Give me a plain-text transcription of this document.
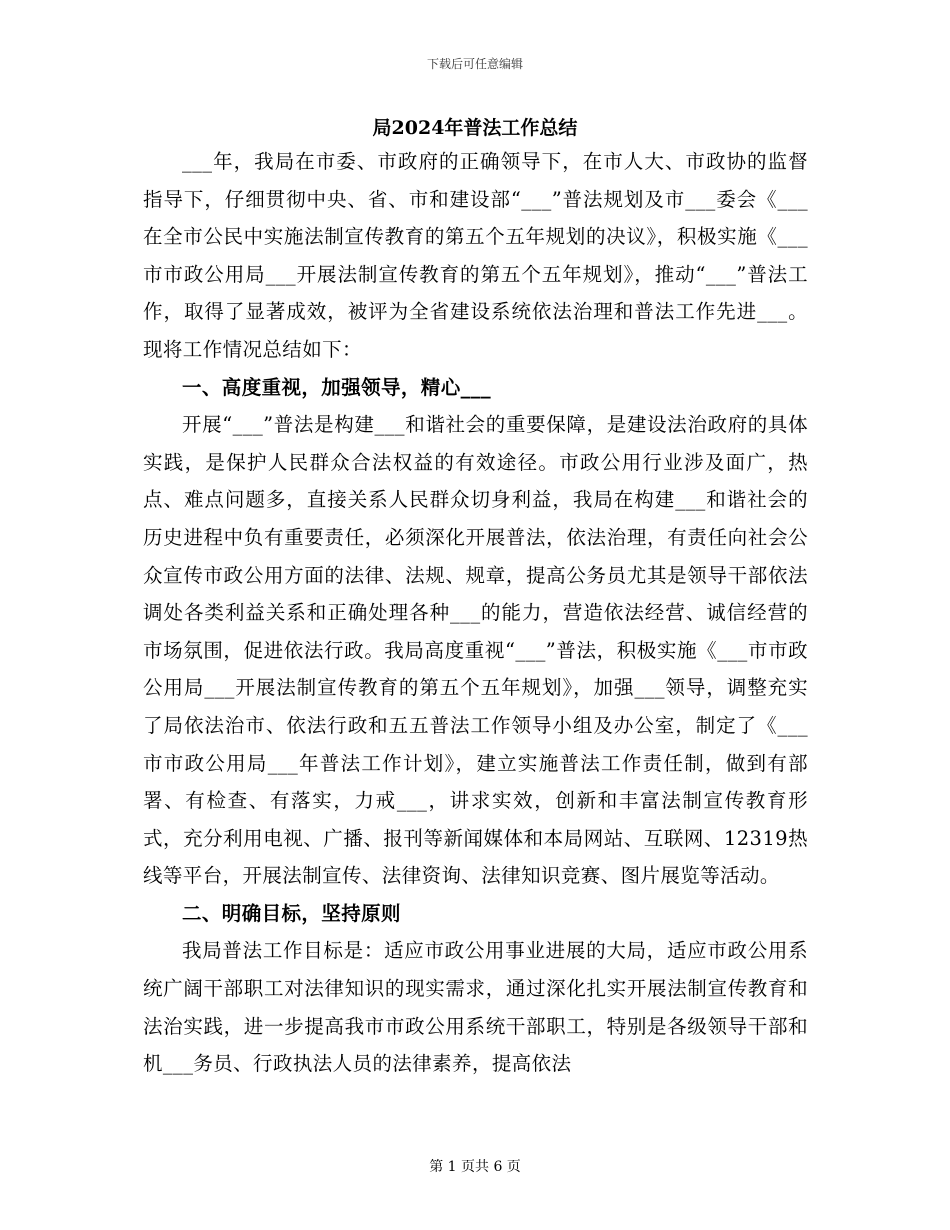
下载后可任意编辑
局2024年普法工作总结

___年，我局在市委、市政府的正确领导下，在市人大、市政协的监督指导下，仔细贯彻中央、省、市和建设部“___”普法规划及市___委会《___在全市公民中实施法制宣传教育的第五个五年规划的决议》，积极实施《___市市政公用局___开展法制宣传教育的第五个五年规划》，推动“___”普法工作，取得了显著成效，被评为全省建设系统依法治理和普法工作先进___。现将工作情况总结如下：

一、高度重视，加强领导，精心___

开展“___”普法是构建___和谐社会的重要保障，是建设法治政府的具体实践，是保护人民群众合法权益的有效途径。市政公用行业涉及面广，热点、难点问题多，直接关系人民群众切身利益，我局在构建___和谐社会的历史进程中负有重要责任，必须深化开展普法，依法治理，有责任向社会公众宣传市政公用方面的法律、法规、规章，提高公务员尤其是领导干部依法调处各类利益关系和正确处理各种___的能力，营造依法经营、诚信经营的市场氛围，促进依法行政。我局高度重视“___”普法，积极实施《___市市政公用局___开展法制宣传教育的第五个五年规划》，加强___领导，调整充实了局依法治市、依法行政和五五普法工作领导小组及办公室，制定了《___市市政公用局___年普法工作计划》，建立实施普法工作责任制，做到有部署、有检查、有落实，力戒___，讲求实效，创新和丰富法制宣传教育形式，充分利用电视、广播、报刊等新闻媒体和本局网站、互联网、12319热线等平台，开展法制宣传、法律资询、法律知识竞赛、图片展览等活动。

二、明确目标，坚持原则

我局普法工作目标是：适应市政公用事业进展的大局，适应市政公用系统广阔干部职工对法律知识的现实需求，通过深化扎实开展法制宣传教育和法治实践，进一步提高我市市政公用系统干部职工，特别是各级领导干部和机___务员、行政执法人员的法律素养，提高依法

第 1 页共 6 页
